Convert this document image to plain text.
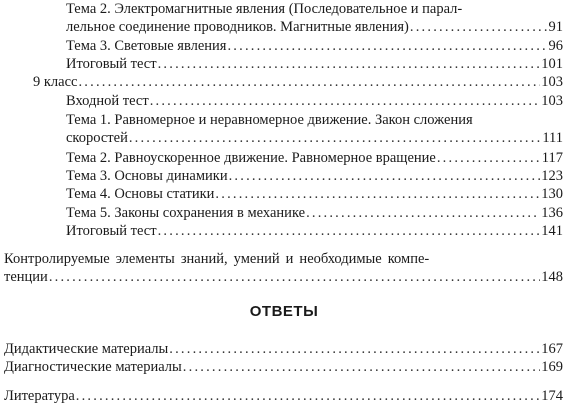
Тема 2. Электромагнитные явления (Последовательное и парал-
лельное соединение проводников. Магнитные явления) .....	91
Тема 3. Световые явления .....	96
Итоговый тест .....	101
9 класс .....	103
Входной тест .....	103
Тема 1. Равномерное и неравномерное движение. Закон сложения
скоростей .....	111
Тема 2. Равноускоренное движение. Равномерное вращение .....	117
Тема 3. Основы динамики .....	123
Тема 4. Основы статики .....	130
Тема 5. Законы сохранения в механике .....	136
Итоговый тест .....	141
Контролируемые элементы знаний, умений и необходимые компе-
тенции .....	148
ОТВЕТЫ
Дидактические материалы .....	167
Диагностические материалы .....	169
Литература .....	174
